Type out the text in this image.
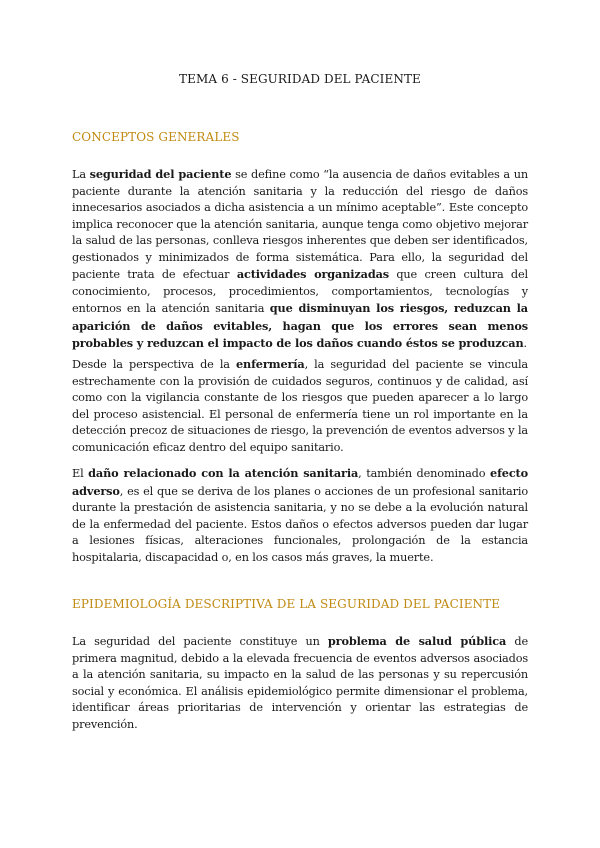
TEMA 6 - SEGURIDAD DEL PACIENTE
CONCEPTOS GENERALES

La seguridad del paciente se define como “la ausencia de daños evitables a un paciente durante la atención sanitaria y la reducción del riesgo de daños innecesarios asociados a dicha asistencia a un mínimo aceptable”. Este concepto implica reconocer que la atención sanitaria, aunque tenga como objetivo mejorar la salud de las personas, conlleva riesgos inherentes que deben ser identificados, gestionados y minimizados de forma sistemática. Para ello, la seguridad del paciente trata de efectuar actividades organizadas que creen cultura del conocimiento, procesos, procedimientos, comportamientos, tecnologías y entornos en la atención sanitaria que disminuyan los riesgos, reduzcan la aparición de daños evitables, hagan que los errores sean menos probables y reduzcan el impacto de los daños cuando éstos se produzcan.

Desde la perspectiva de la enfermería, la seguridad del paciente se vincula estrechamente con la provisión de cuidados seguros, continuos y de calidad, así como con la vigilancia constante de los riesgos que pueden aparecer a lo largo del proceso asistencial. El personal de enfermería tiene un rol importante en la detección precoz de situaciones de riesgo, la prevención de eventos adversos y la comunicación eficaz dentro del equipo sanitario.

El daño relacionado con la atención sanitaria, también denominado efecto adverso, es el que se deriva de los planes o acciones de un profesional sanitario durante la prestación de asistencia sanitaria, y no se debe a la evolución natural de la enfermedad del paciente. Estos daños o efectos adversos pueden dar lugar a lesiones físicas, alteraciones funcionales, prolongación de la estancia hospitalaria, discapacidad o, en los casos más graves, la muerte.

EPIDEMIOLOGÍA DESCRIPTIVA DE LA SEGURIDAD DEL PACIENTE

La seguridad del paciente constituye un problema de salud pública de primera magnitud, debido a la elevada frecuencia de eventos adversos asociados a la atención sanitaria, su impacto en la salud de las personas y su repercusión social y económica. El análisis epidemiológico permite dimensionar el problema, identificar áreas prioritarias de intervención y orientar las estrategias de prevención.
